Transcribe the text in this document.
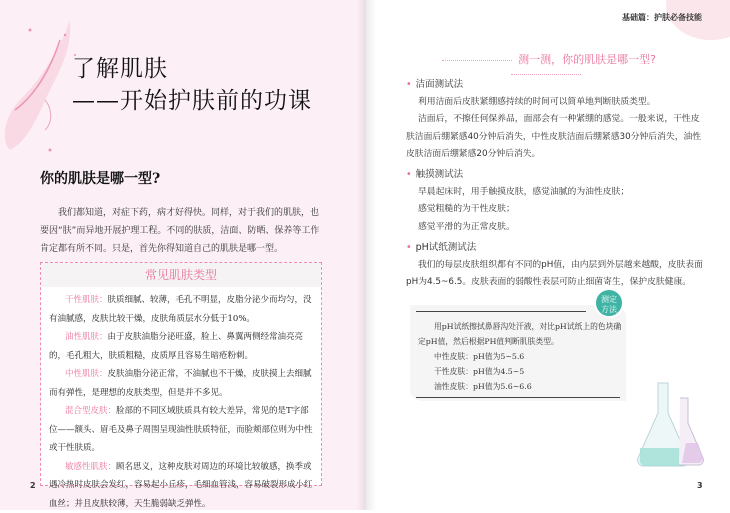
了解肌肤
——开始护肤前的功课
你的肌肤是哪一型?
我们都知道，对症下药，病才好得快。同样，对于我们的肌肤，也要因“肤”而异地开展护理工程。不同的肤质，洁面、防晒、保养等工作肯定都有所不同。只是，首先你得知道自己的肌肤是哪一型。
常见肌肤类型

干性肌肤：肤质细腻、较薄，毛孔不明显，皮脂分泌少而均匀，没有油腻感，皮肤比较干燥，皮肤角质层水分低于10%。

油性肌肤：由于皮肤油脂分泌旺盛，脸上、鼻翼两侧经常油亮亮的，毛孔粗大，肤质粗糙，皮质厚且容易生暗疮粉刺。

中性肌肤：皮肤油脂分泌正常，不油腻也不干燥，皮肤摸上去细腻而有弹性，是理想的皮肤类型，但是并不多见。

混合型皮肤：脸部的不同区域肤质具有较大差异，常见的是T字部位——额头、眉毛及鼻子周围呈现油性肤质特征，而脸颊部位则为中性或干性肤质。

敏感性肌肤：顾名思义，这种皮肤对周边的环境比较敏感，换季或遇冷热时皮肤会发红，容易起小丘疹，毛细血管浅，容易破裂形成小红血丝；并且皮肤较薄，天生脆弱缺乏弹性。

2
基础篇：护肤必备技能
测一测，你的肌肤是哪一型?
• 洁面测试法

利用洁面后皮肤紧绷感持续的时间可以简单地判断肤质类型。

洁面后，不擦任何保养品，面部会有一种紧绷的感觉。一般来说，干性皮肤洁面后绷紧感40分钟后消失，中性皮肤洁面后绷紧感30分钟后消失，油性皮肤洁面后绷紧感20分钟后消失。

• 触摸测试法

早晨起床时，用手触摸皮肤，感觉油腻的为油性皮肤；

感觉粗糙的为干性皮肤；

感觉平滑的为正常皮肤。

• pH试纸测试法

我们的每层皮肤组织都有不同的pH值，由内层到外层越来越酸，皮肤表面pH为4.5~6.5。皮肤表面的弱酸性表层可防止细菌寄生，保护皮肤健康。

用pH试纸擦拭鼻唇沟处汗液，对比pH试纸上的色块确定pH值，然后根据PH值判断肌肤类型。

中性皮肤：pH值为5~5.6

干性皮肤：pH值为4.5~5

油性皮肤：pH值为5.6~6.6

测定
方法
3
